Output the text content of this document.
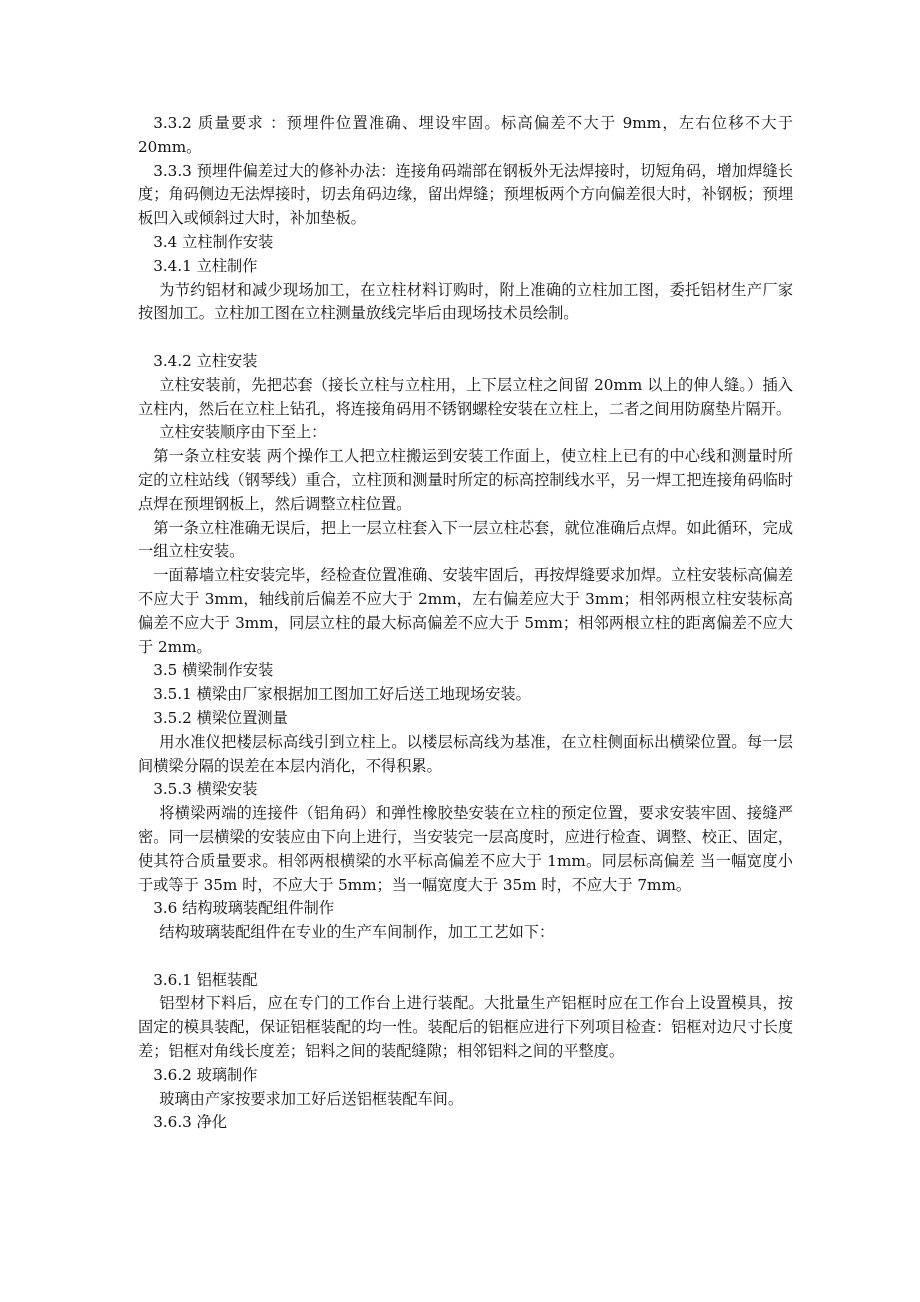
3.3.2 质量要求 ：预埋件位置准确、埋设牢固。标高偏差不大于 9mm，左右位移不大于 20mm。

3.3.3 预埋件偏差过大的修补办法：连接角码端部在钢板外无法焊接时，切短角码，增加焊缝长度；角码侧边无法焊接时，切去角码边缘，留出焊缝；预埋板两个方向偏差很大时，补钢板；预埋板凹入或倾斜过大时，补加垫板。

3.4 立柱制作安装

3.4.1 立柱制作

为节约铝材和减少现场加工，在立柱材料订购时，附上准确的立柱加工图，委托铝材生产厂家按图加工。立柱加工图在立柱测量放线完毕后由现场技术员绘制。

3.4.2 立柱安装

立柱安装前，先把芯套（接长立柱与立柱用，上下层立柱之间留 20mm 以上的伸人缝。）插入立柱内，然后在立柱上钻孔，将连接角码用不锈钢螺栓安装在立柱上，二者之间用防腐垫片隔开。

立柱安装顺序由下至上：

第一条立柱安装 两个操作工人把立柱搬运到安装工作面上，使立柱上已有的中心线和测量时所定的立柱站线（钢琴线）重合，立柱顶和测量时所定的标高控制线水平，另一焊工把连接角码临时点焊在预埋钢板上，然后调整立柱位置。

第一条立柱准确无误后，把上一层立柱套入下一层立柱芯套，就位准确后点焊。如此循环，完成一组立柱安装。

一面幕墙立柱安装完毕，经检查位置准确、安装牢固后，再按焊缝要求加焊。立柱安装标高偏差不应大于 3mm，轴线前后偏差不应大于 2mm，左右偏差应大于 3mm；相邻两根立柱安装标高偏差不应大于 3mm，同层立柱的最大标高偏差不应大于 5mm；相邻两根立柱的距离偏差不应大于 2mm。

3.5 横梁制作安装

3.5.1 横梁由厂家根据加工图加工好后送工地现场安装。

3.5.2 横梁位置测量

用水准仪把楼层标高线引到立柱上。以楼层标高线为基准，在立柱侧面标出横梁位置。每一层间横梁分隔的误差在本层内消化，不得积累。

3.5.3 横梁安装

将横梁两端的连接件（铝角码）和弹性橡胶垫安装在立柱的预定位置，要求安装牢固、接缝严密。同一层横梁的安装应由下向上进行，当安装完一层高度时，应进行检查、调整、校正、固定，使其符合质量要求。相邻两根横梁的水平标高偏差不应大于 1mm。同层标高偏差 当一幅宽度小于或等于 35m 时，不应大于 5mm；当一幅宽度大于 35m 时，不应大于 7mm。

3.6 结构玻璃装配组件制作

结构玻璃装配组件在专业的生产车间制作，加工工艺如下：

3.6.1 铝框装配

铝型材下料后，应在专门的工作台上进行装配。大批量生产铝框时应在工作台上设置模具，按固定的模具装配，保证铝框装配的均一性。装配后的铝框应进行下列项目检查：铝框对边尺寸长度差；铝框对角线长度差；铝料之间的装配缝隙；相邻铝料之间的平整度。

3.6.2 玻璃制作

玻璃由产家按要求加工好后送铝框装配车间。

3.6.3 净化
